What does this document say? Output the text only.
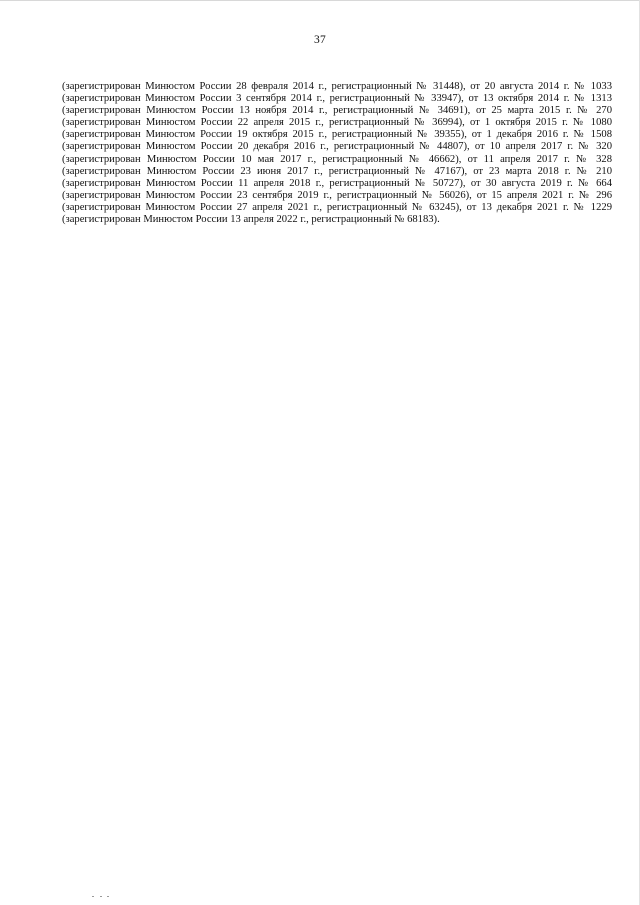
37
(зарегистрирован Минюстом России 28 февраля 2014 г., регистрационный № 31448), от 20 августа 2014 г. № 1033
(зарегистрирован Минюстом России 3 сентября 2014 г., регистрационный № 33947), от 13 октября 2014 г. № 1313
(зарегистрирован Минюстом России 13 ноября 2014 г., регистрационный № 34691), от 25 марта 2015 г. № 270
(зарегистрирован Минюстом России 22 апреля 2015 г., регистрационный № 36994), от 1 октября 2015 г. № 1080
(зарегистрирован Минюстом России 19 октября 2015 г., регистрационный № 39355), от 1 декабря 2016 г. № 1508
(зарегистрирован Минюстом России 20 декабря 2016 г., регистрационный № 44807), от 10 апреля 2017 г. № 320
(зарегистрирован Минюстом России 10 мая 2017 г., регистрационный № 46662), от 11 апреля 2017 г. № 328
(зарегистрирован Минюстом России 23 июня 2017 г., регистрационный № 47167), от 23 марта 2018 г. № 210
(зарегистрирован Минюстом России 11 апреля 2018 г., регистрационный № 50727), от 30 августа 2019 г. № 664
(зарегистрирован Минюстом России 23 сентября 2019 г., регистрационный № 56026), от 15 апреля 2021 г. № 296
(зарегистрирован Минюстом России 27 апреля 2021 г., регистрационный № 63245), от 13 декабря 2021 г. № 1229
(зарегистрирован Минюстом России 13 апреля 2022 г., регистрационный № 68183).
